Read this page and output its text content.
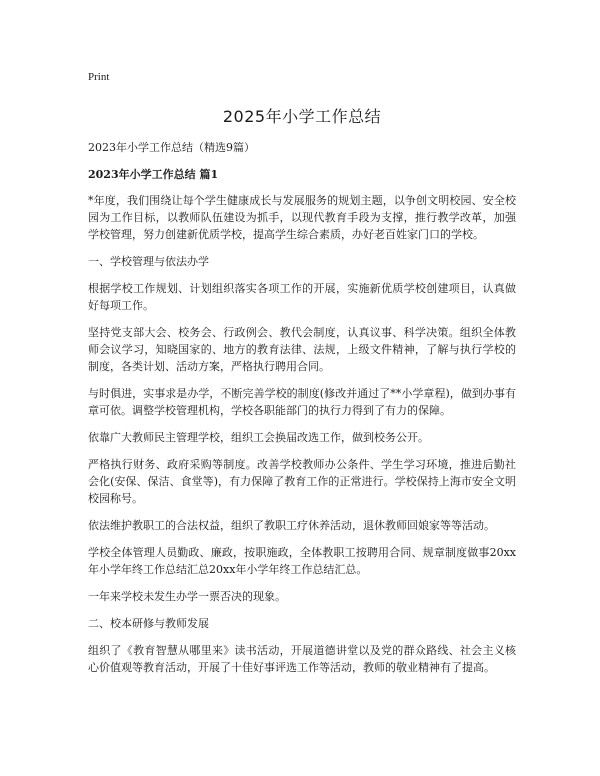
Print

2025年小学工作总结

2023年小学工作总结（精选9篇）

2023年小学工作总结 篇1

*年度，我们围绕让每个学生健康成长与发展服务的规划主题，以争创文明校园、安全校园为工作目标，以教师队伍建设为抓手，以现代教育手段为支撑，推行教学改革，加强学校管理，努力创建新优质学校，提高学生综合素质，办好老百姓家门口的学校。

一、学校管理与依法办学

根据学校工作规划、计划组织落实各项工作的开展，实施新优质学校创建项目，认真做好每项工作。

坚持党支部大会、校务会、行政例会、教代会制度，认真议事、科学决策。组织全体教师会议学习，知晓国家的、地方的教育法律、法规，上级文件精神，了解与执行学校的制度，各类计划、活动方案，严格执行聘用合同。

与时俱进，实事求是办学，不断完善学校的制度(修改并通过了**小学章程)，做到办事有章可依。调整学校管理机构，学校各职能部门的执行力得到了有力的保障。

依靠广大教师民主管理学校，组织工会换届改选工作，做到校务公开。

严格执行财务、政府采购等制度。改善学校教师办公条件、学生学习环境，推进后勤社会化(安保、保洁、食堂等)，有力保障了教育工作的正常进行。学校保持上海市安全文明校园称号。

依法维护教职工的合法权益，组织了教职工疗休养活动，退休教师回娘家等等活动。

学校全体管理人员勤政、廉政，按职施政，全体教职工按聘用合同、规章制度做事20xx年小学年终工作总结汇总20xx年小学年终工作总结汇总。

一年来学校未发生办学一票否决的现象。

二、校本研修与教师发展

组织了《教育智慧从哪里来》读书活动，开展道德讲堂以及党的群众路线、社会主义核心价值观等教育活动，开展了十佳好事评选工作等活动，教师的敬业精神有了提高。
